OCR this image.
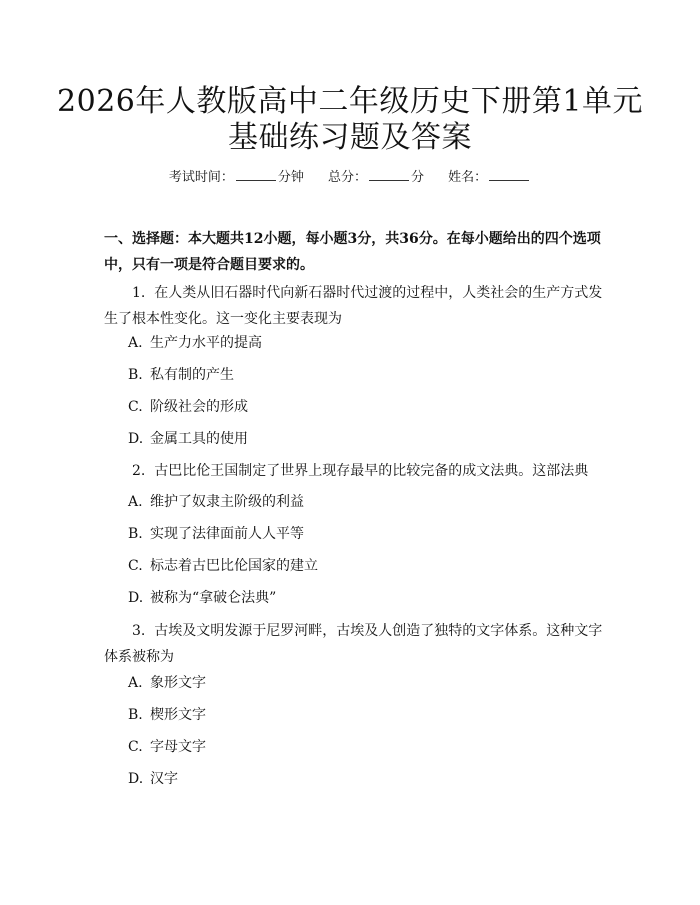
2026年人教版高中二年级历史下册第1单元
基础练习题及答案
考试时间：	分钟 总分：	分 姓名：
一、选择题：本大题共12小题，每小题3分，共36分。在每小题给出的四个选项中，只有一项是符合题目要求的。
1. 在人类从旧石器时代向新石器时代过渡的过程中，人类社会的生产方式发生了根本性变化。这一变化主要表现为
A. 生产力水平的提高
B. 私有制的产生
C. 阶级社会的形成
D. 金属工具的使用
2. 古巴比伦王国制定了世界上现存最早的比较完备的成文法典。这部法典
A. 维护了奴隶主阶级的利益
B. 实现了法律面前人人平等
C. 标志着古巴比伦国家的建立
D. 被称为“拿破仑法典”
3. 古埃及文明发源于尼罗河畔，古埃及人创造了独特的文字体系。这种文字体系被称为
A. 象形文字
B. 楔形文字
C. 字母文字
D. 汉字
